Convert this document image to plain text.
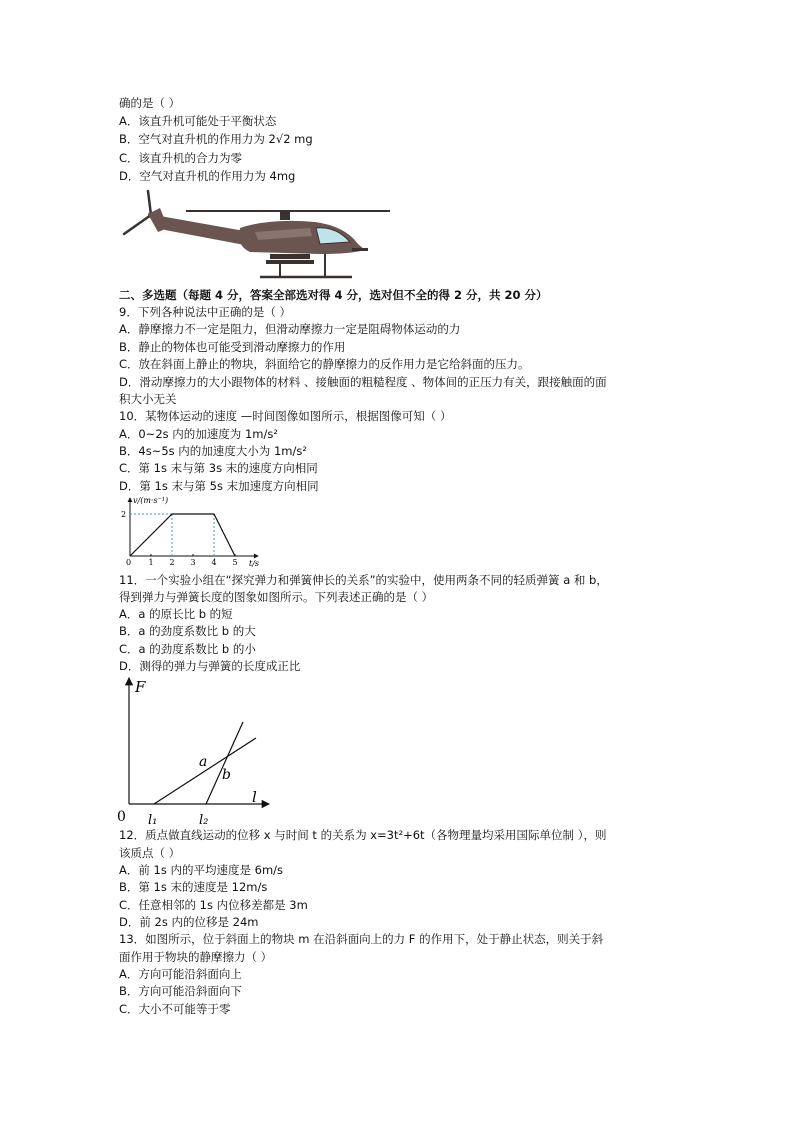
确的是（ ）
A．该直升机可能处于平衡状态
B．空气对直升机的作用力为 2√2 mg
C．该直升机的合力为零
D．空气对直升机的作用力为 4mg
二、多选题（每题 4 分，答案全部选对得 4 分，选对但不全的得 2 分，共 20 分）
9．下列各种说法中正确的是（ ）
A．静摩擦力不一定是阻力，但滑动摩擦力一定是阻碍物体运动的力
B．静止的物体也可能受到滑动摩擦力的作用
C．放在斜面上静止的物块，斜面给它的静摩擦力的反作用力是它给斜面的压力。
D．滑动摩擦力的大小跟物体的材料 、接触面的粗糙程度 、物体间的正压力有关，跟接触面的面
积大小无关
10．某物体运动的速度 —时间图像如图所示，根据图像可知（ ）
A．0~2s 内的加速度为 1m/s²
B．4s~5s 内的加速度大小为 1m/s²
C．第 1s 末与第 3s 末的速度方向相同
D．第 1s 末与第 5s 末加速度方向相同
v/(m·s⁻¹)
t/s
0 1 2 3 4 5
2
11．一个实验小组在“探究弹力和弹簧伸长的关系”的实验中，使用两条不同的轻质弹簧 a 和 b，
得到弹力与弹簧长度的图象如图所示。下列表述正确的是（ ）
A．a 的原长比 b 的短
B．a 的劲度系数比 b 的大
C．a 的劲度系数比 b 的小
D．测得的弹力与弹簧的长度成正比
F
l
0
a
b
l₁	l₂
12．质点做直线运动的位移 x 与时间 t 的关系为 x=3t²+6t（各物理量均采用国际单位制 ），则
该质点（ ）
A．前 1s 内的平均速度是 6m/s
B．第 1s 末的速度是 12m/s
C．任意相邻的 1s 内位移差都是 3m
D．前 2s 内的位移是 24m
13．如图所示，位于斜面上的物块 m 在沿斜面向上的力 F 的作用下，处于静止状态，则关于斜
面作用于物块的静摩擦力（ ）
A．方向可能沿斜面向上
B．方向可能沿斜面向下
C．大小不可能等于零
